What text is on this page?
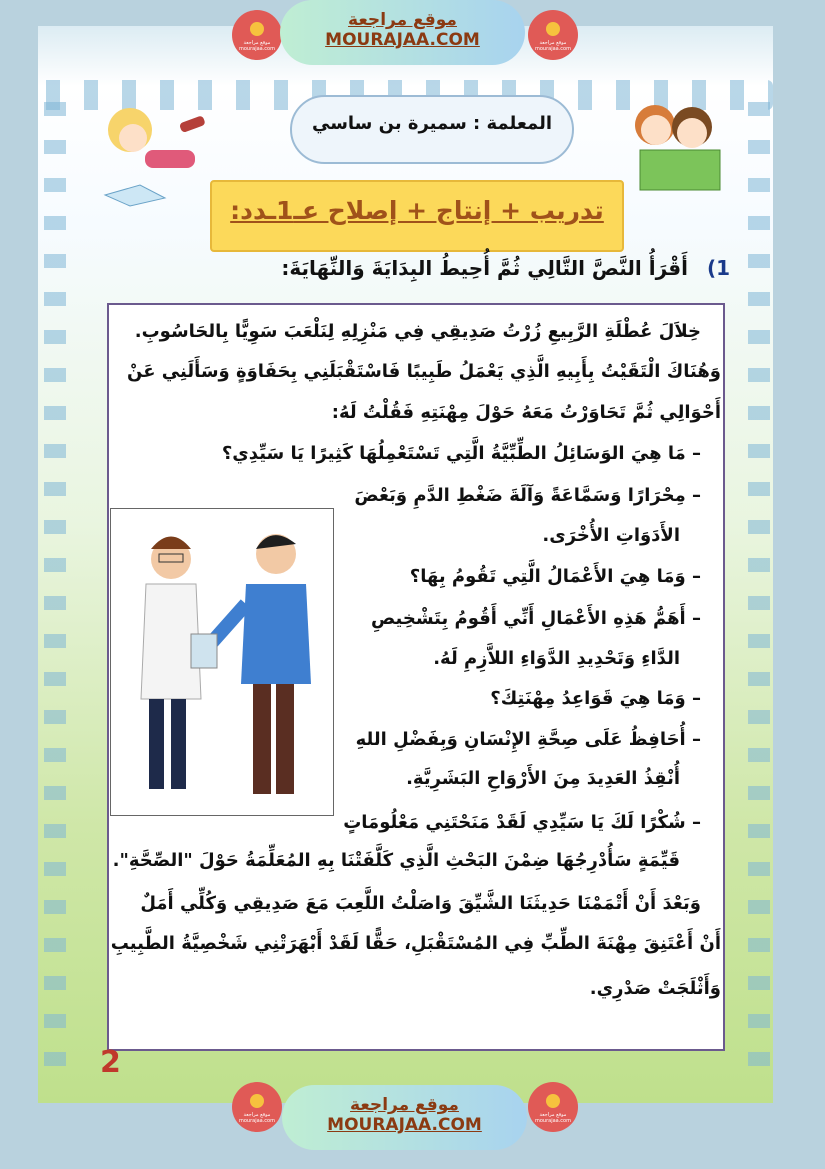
موقع مراجعة mourajaa.com
موقع مراجعة
MOURAJAA.COM	موقع مراجعة mourajaa.com
المعلمة : سميرة بن ساسي
تدريب + إنتاج + إصلاح عـ1ـدد:
1) أَقْرَأُ النَّصَّ التَّالِي ثُمَّ أُحِيطُ البِدَايَةَ وَالنِّهَايَةَ:
خِلاَلَ عُطْلَةِ الرَّبِيعِ زُرْتُ صَدِيقِي فِي مَنْزِلِهِ لِنَلْعَبَ سَوِيًّا بِالحَاسُوبِ.
وَهُنَاكَ الْتَقَيْتُ بِأَبِيهِ الَّذِي يَعْمَلُ طَبِيبًا فَاسْتَقْبَلَنِي بِحَفَاوَةٍ وَسَأَلَنِي عَنْ
أَحْوَالِي ثُمَّ تَحَاوَرْتُ مَعَهُ حَوْلَ مِهْنَتِهِ فَقُلْتُ لَهُ:
– مَا هِيَ الوَسَائِلُ الطِّبِّيَّةُ الَّتِي تَسْتَعْمِلُهَا كَثِيرًا يَا سَيِّدِي؟
– مِحْرَارًا وَسَمَّاعَةً وَآلَةَ ضَغْطِ الدَّمِ وَبَعْضَ
الأَدَوَاتِ الأُخْرَى.
– وَمَا هِيَ الأَعْمَالُ الَّتِي تَقُومُ بِهَا؟
– أَهَمُّ هَذِهِ الأَعْمَالِ أَنِّي أَقُومُ بِتَشْخِيصِ
الدَّاءِ وَتَحْدِيدِ الدَّوَاءِ اللاَّزِمِ لَهُ.
– وَمَا هِيَ قَوَاعِدُ مِهْنَتِكَ؟
– أُحَافِظُ عَلَى صِحَّةِ الإِنْسَانِ وَبِفَضْلِ اللهِ
أُنْقِذُ العَدِيدَ مِنَ الأَرْوَاحِ البَشَرِيَّةِ.
– شُكْرًا لَكَ يَا سَيِّدِي لَقَدْ مَنَحْتَنِي مَعْلُومَاتٍ
قَيِّمَةٍ سَأُدْرِجُهَا ضِمْنَ البَحْثِ الَّذِي كَلَّفَتْنَا بِهِ المُعَلِّمَةُ حَوْلَ "الصِّحَّةِ".
وَبَعْدَ أَنْ أَتْمَمْنَا حَدِيثَنَا الشَّيِّقَ وَاصَلْتُ اللَّعِبَ مَعَ صَدِيقِي وَكُلِّي أَمَلٌ
أَنْ أَعْتَنِقَ مِهْنَةَ الطِّبِّ فِي المُسْتَقْبَلِ، حَقًّا لَقَدْ أَبْهَرَتْنِي شَخْصِيَّةُ الطَّبِيبِ
وَأَثْلَجَتْ صَدْرِي.
2
موقع مراجعة mourajaa.com
موقع مراجعة
MOURAJAA.COM	موقع مراجعة mourajaa.com
